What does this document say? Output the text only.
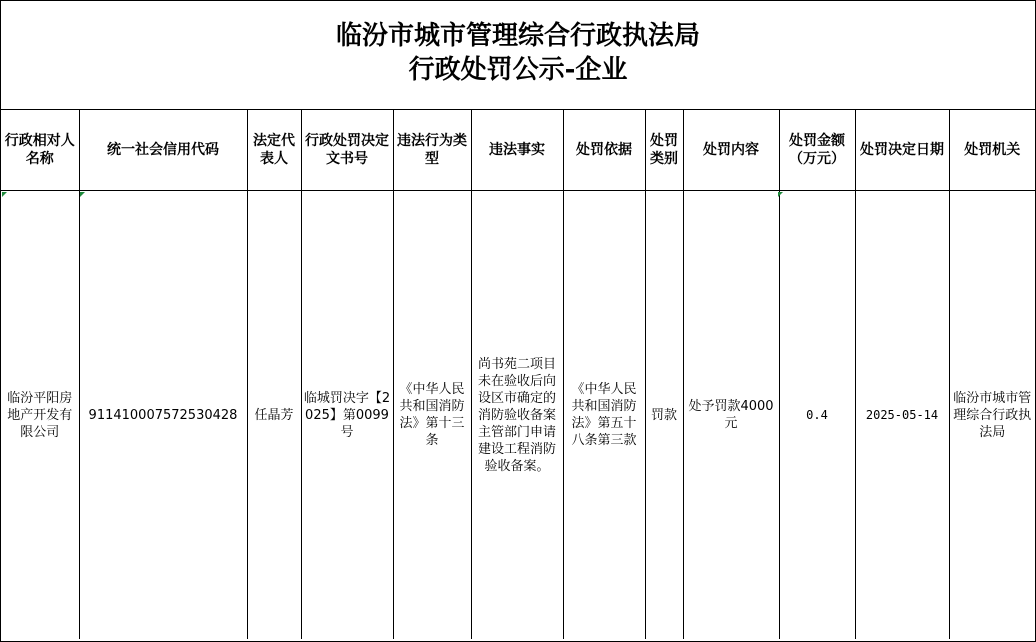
临汾市城市管理综合行政执法局
行政处罚公示-企业
行政相对人名称	统一社会信用代码	法定代表人	行政处罚决定文书号	违法行为类型	违法事实	处罚依据	处罚类别	处罚内容	处罚金额（万元）	处罚决定日期	处罚机关
临汾平阳房地产开发有限公司	911410007572530428	任晶芳	临城罚决字【2025】第0099号	《中华人民共和国消防法》第十三条	尚书苑二项目未在验收后向设区市确定的消防验收备案主管部门申请建设工程消防验收备案。	《中华人民共和国消防法》第五十八条第三款	罚款	处予罚款4000元	0.4	2025-05-14	临汾市城市管理综合行政执法局
